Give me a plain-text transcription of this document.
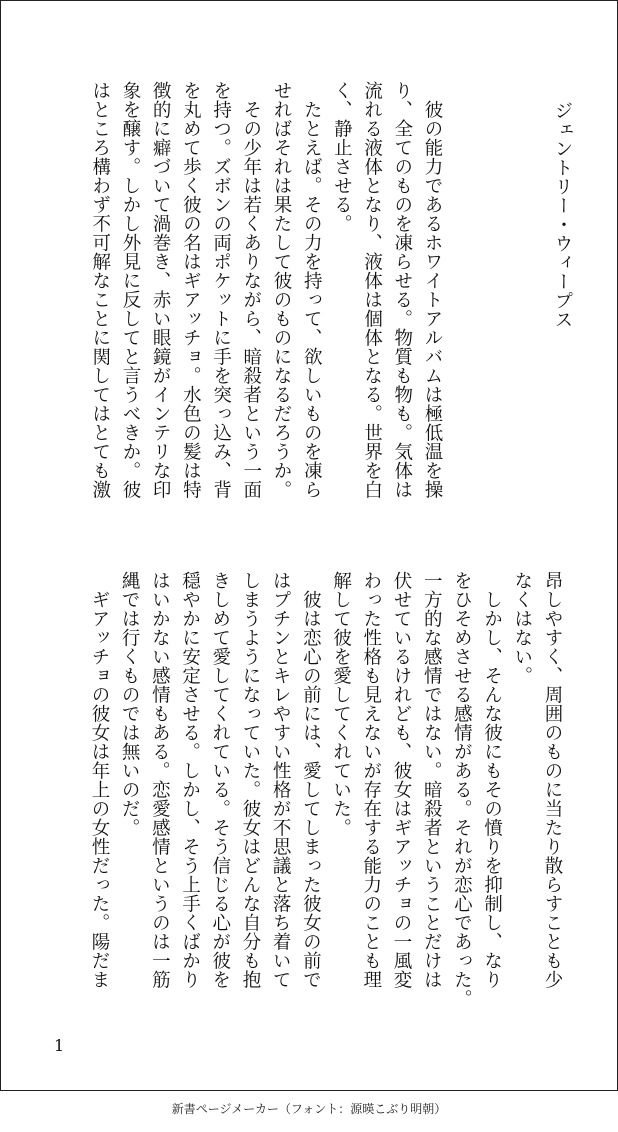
ジェントリー・ウィープス

　彼の能力であるホワイトアルバムは極低温を操

り、全てのものを凍らせる。物質も物も。気体は

流れる液体となり、液体は個体となる。世界を白

く、静止させる。

　たとえば。その力を持って、欲しいものを凍ら

せればそれは果たして彼のものになるだろうか。

　その少年は若くありながら、暗殺者という一面

を持つ。ズボンの両ポケットに手を突っ込み、背

を丸めて歩く彼の名はギアッチョ。水色の髪は特

徴的に癖づいて渦巻き、赤い眼鏡がインテリな印

象を醸す。しかし外見に反してと言うべきか。彼

はところ構わず不可解なことに関してはとても激

昂しやすく、周囲のものに当たり散らすことも少

なくはない。

　しかし、そんな彼にもその憤りを抑制し、なり

をひそめさせる感情がある。それが恋心であった。

一方的な感情ではない。暗殺者ということだけは

伏せているけれども、彼女はギアッチョの一風変

わった性格も見えないが存在する能力のことも理

解して彼を愛してくれていた。

　彼は恋心の前には、愛してしまった彼女の前で

はプチンとキレやすい性格が不思議と落ち着いて

しまうようになっていた。彼女はどんな自分も抱

きしめて愛してくれている。そう信じる心が彼を

穏やかに安定させる。しかし、そう上手くばかり

はいかない感情もある。恋愛感情というのは一筋

縄では行くものでは無いのだ。

　ギアッチョの彼女は年上の女性だった。陽だま

1
新書ページメーカー（フォント：源暎こぶり明朝）
